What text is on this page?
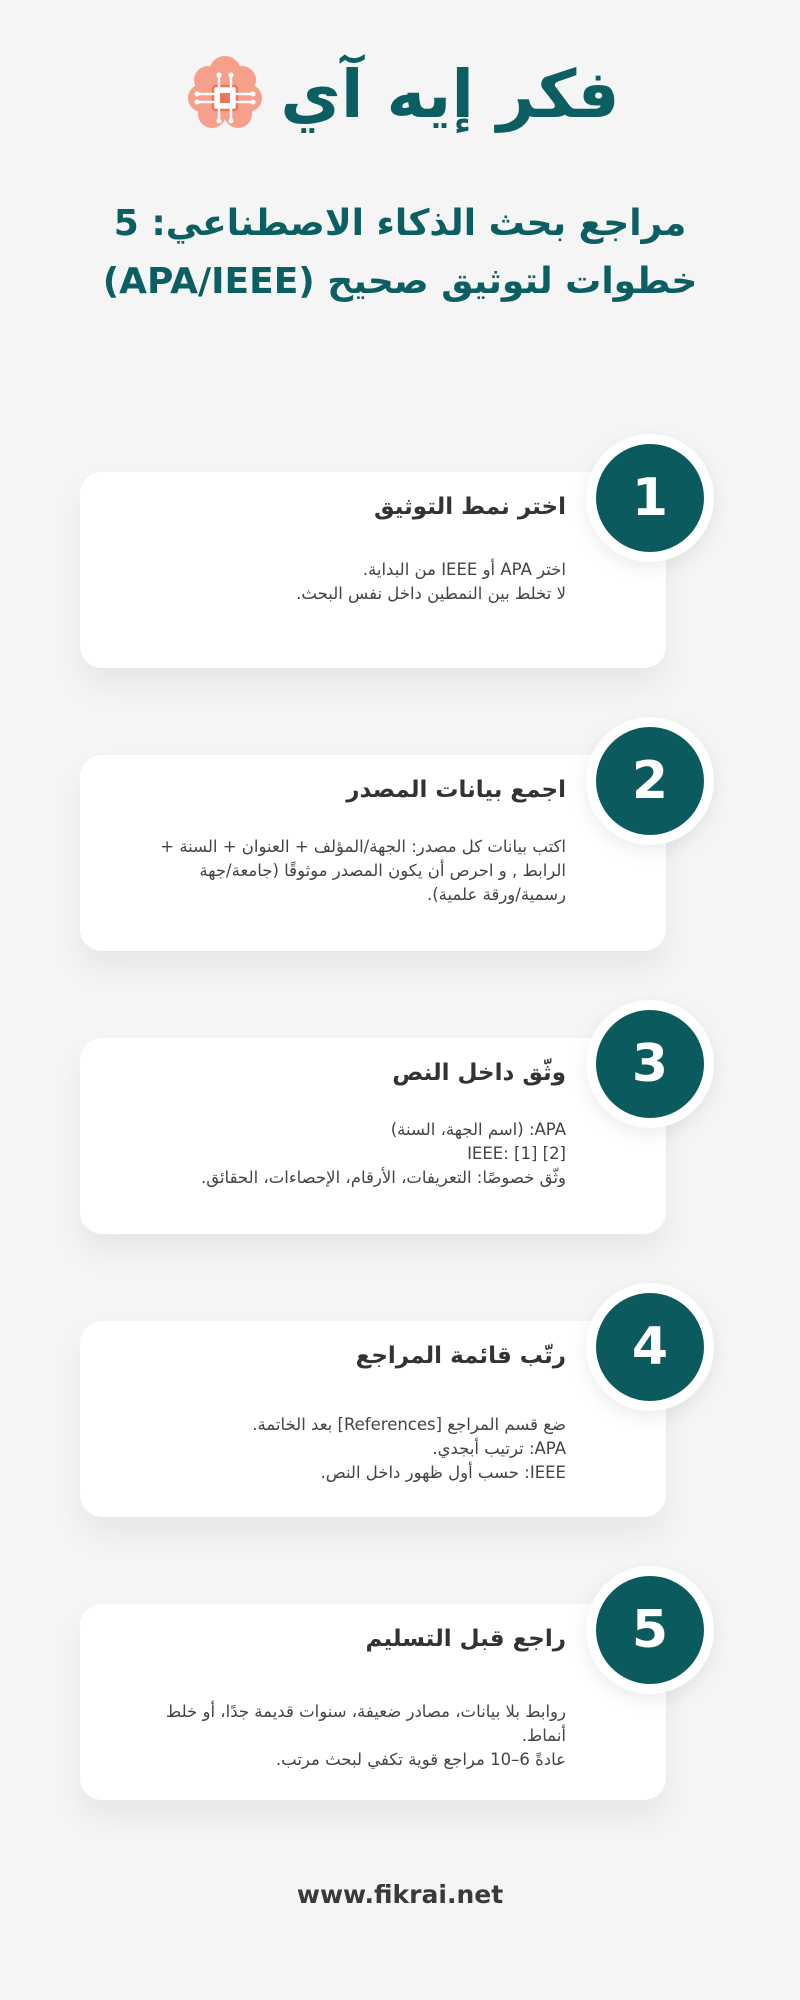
فكر إيه آي
مراجع بحث الذكاء الاصطناعي: 5
خطوات لتوثيق صحيح (APA/IEEE)
1
اختر نمط التوثيق
اختر APA أو IEEE من البداية.
لا تخلط بين النمطين داخل نفس البحث.
2
اجمع بيانات المصدر
اكتب بيانات كل مصدر: الجهة/المؤلف + العنوان + السنة +
الرابط , و احرص أن يكون المصدر موثوقًا (جامعة/جهة
رسمية/ورقة علمية).
3
وثّق داخل النص
APA: (اسم الجهة، السنة)
IEEE: [1] [2]
وثّق خصوصًا: التعريفات، الأرقام، الإحصاءات، الحقائق.
4
رتّب قائمة المراجع
ضع قسم المراجع [References] بعد الخاتمة.
APA: ترتيب أبجدي.
IEEE: حسب أول ظهور داخل النص.
5
راجع قبل التسليم
روابط بلا بيانات، مصادر ضعيفة، سنوات قديمة جدًا، أو خلط
أنماط.
عادةً 6–10 مراجع قوية تكفي لبحث مرتب.
www.fikrai.net
